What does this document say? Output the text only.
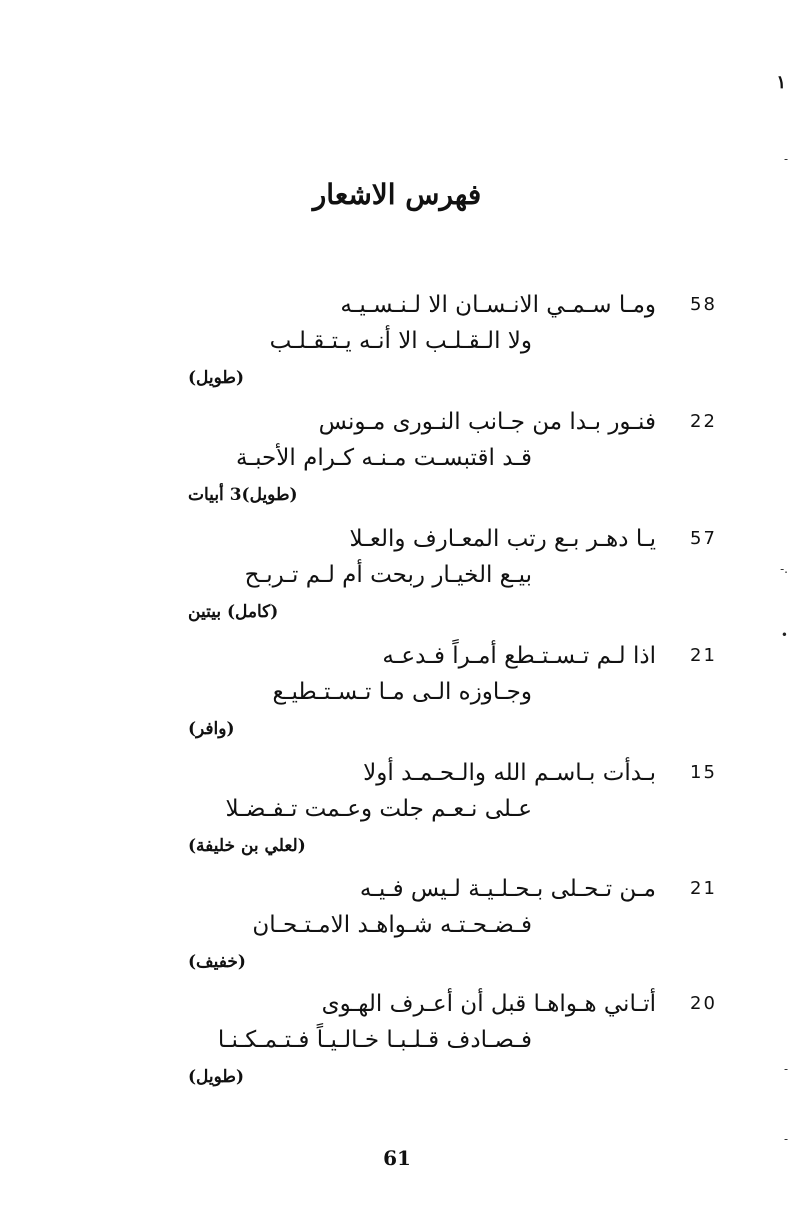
١
-
-.
•
-
-
فهرس الاشعار
58
ومـا سـمـي الانـسـان الا لـنـسـيـه
ولا الـقـلـب الا أنـه يـتـقـلـب
(طويل)
22
فنـور بـدا من جـانب النـورى مـونس
قـد اقتبسـت مـنـه كـرام الأحبـة
(طويل)3 أبيات
57
يـا دهـر بـع رتب المعـارف والعـلا
بيـع الخيـار ربحت أم لـم تـربـح
(كامل) بيتين
21
اذا لـم تـسـتـطع أمـراً فـدعـه
وجـاوزه الـى مـا تـسـتـطيـع
(وافر)
15
بـدأت بـاسـم الله والـحـمـد أولا
عـلى نـعـم جلت وعـمت تـفـضـلا
(لعلي بن خليفة)
21
مـن تـحـلى بـحـلـيـة لـيس فـيـه
فـضـحـتـه شـواهـد الامـتـحـان
(خفيف)
20
أتـاني هـواهـا قبل أن أعـرف الهـوى
فـصـادف قـلـبـا خـالـيـاً فـتـمـكـنـا
(طويل)
61
